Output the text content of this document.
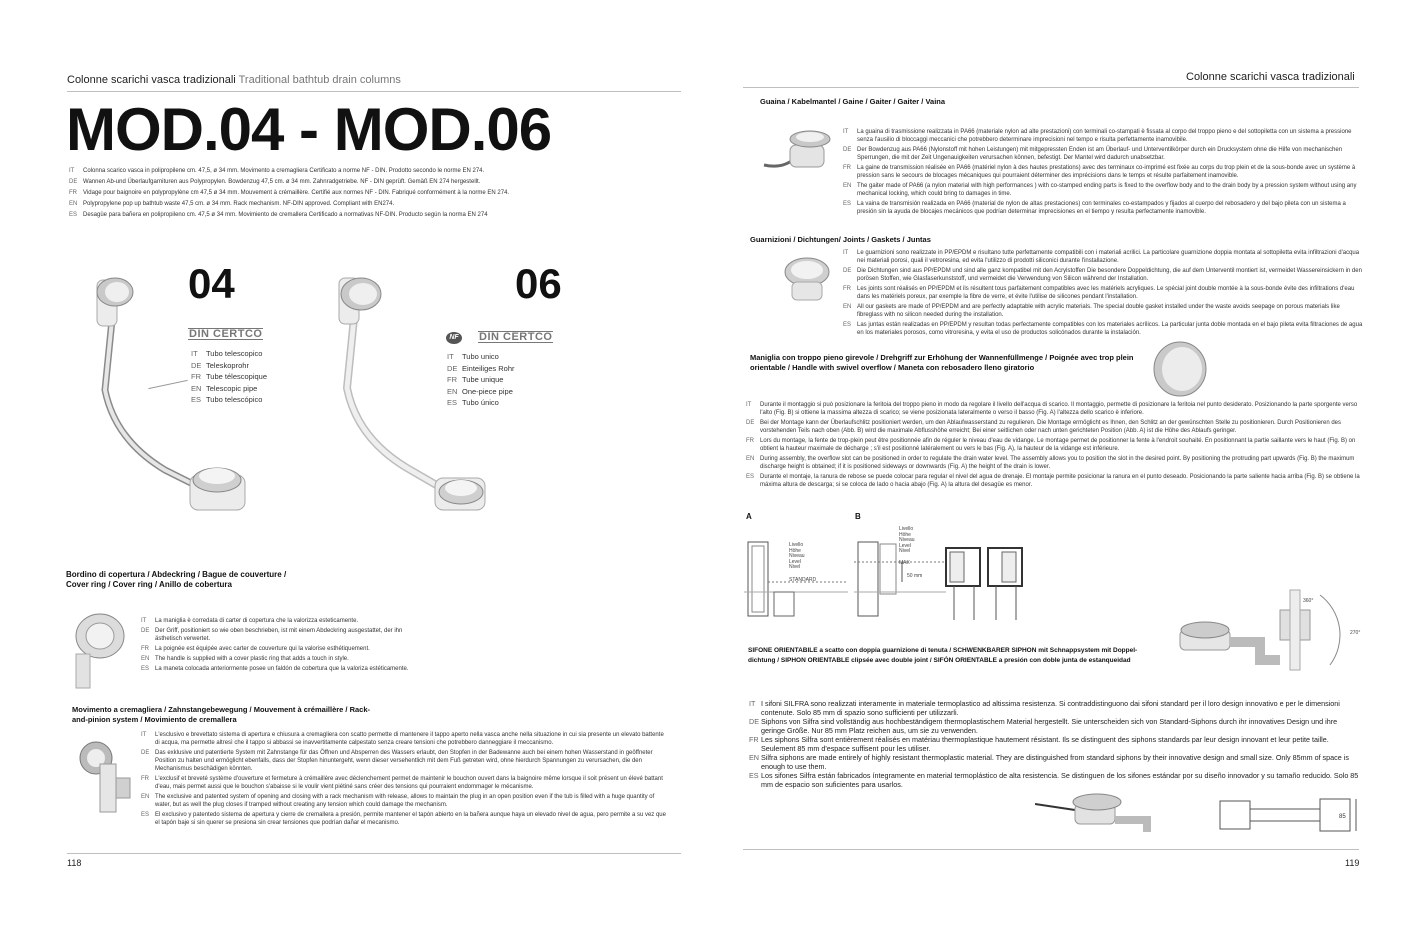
Colonne scarichi vasca tradizionali Traditional bathtub drain columns
MOD.04 - MOD.06
IT Colonna scarico vasca in polipropilene cm. 47,5, ø 34 mm. Movimento a cremagliera Certificato a norme NF - DIN. Prodotto secondo le norme EN 274.
DE Wannen Ab-und Überlaufgarnituren aus Polypropylen. Bowdenzug 47,5 cm. ø 34 mm. Zahnradgetriebe. NF - DIN geprüft. Gemäß EN 274 hergestellt.
FR Vidage pour baignoire en polypropylène cm 47,5 ø 34 mm. Mouvement à crémaillère. Certifié aux normes NF - DIN. Fabriqué conformément à la norme EN 274.
EN Polypropylene pop up bathtub waste 47,5 cm. ø 34 mm. Rack mechanism. NF-DIN approved. Compliant with EN274.
ES Desagüe para bañera en polipropileno cm. 47,5 ø 34 mm. Movimiento de cremallera Certificado a normativas NF-DIN. Producto según la norma EN 274
04
DIN CERTCO
IT Tubo telescopico
DE Teleskoprohr
FR Tube télescopique
EN Telescopic pipe
ES Tubo telescópico
06
NF	DIN CERTCO
IT Tubo unico
DE Einteiliges Rohr
FR Tube unique
EN One-piece pipe
ES Tubo único
Bordino di copertura / Abdeckring / Bague de couverture /
Cover ring / Cover ring / Anillo de cobertura
IT	La maniglia è corredata di carter di copertura che la valorizza esteticamente.
DE Der Griff, positioniert so wie oben beschrieben, ist mit einem Abdeckring ausgestattet, der ihn ästhetisch verwertet.
FR	La poignée est équipée avec carter de couverture qui la valorise esthétiquement.
EN The handle is supplied with a cover plastic ring that adds a touch in style.
ES La maneta colocada anteriormente posee un faldón de cobertura que la valoriza estéticamente.
Movimento a cremagliera / Zahnstangebewegung / Mouvement à crémaillère / Rack-
and-pinion system / Movimiento de cremallera
IT	L'esclusivo e brevettato sistema di apertura e chiusura a cremagliera con scatto permette di mantenere il tappo aperto nella vasca anche nella situazione in cui sia presente un elevato battente di acqua, ma permette altresì che il tappo si abbassi se inavvertitamente calpestato senza creare tensioni che potrebbero danneggiare il meccanismo.
DE Das exklusive und patentierte System mit Zahnstange für das Öffnen und Absperren des Wassers erlaubt, den Stopfen in der Badewanne auch bei einem hohen Wasserstand in geöffneter Position zu halten und ermöglicht ebenfalls, dass der Stopfen hinuntergeht, wenn dieser versehentlich mit dem Fuß getreten wird, ohne hierdurch Spannungen zu verursachen, die den Mechanismus beschädigen könnten.
FR	L'exclusif et breveté système d'ouverture et fermeture à crémaillère avec déclenchement permet de maintenir le bouchon ouvert dans la baignoire même lorsque il soit présent un élevé battant d'eau, mais permet aussi que le bouchon s'abaisse si le voulir vient piétiné sans créer des tensions qui pourraient endommager le mécanisme.
EN The exclusive and patented system of opening and closing with a rack mechanism with release, allows to maintain the plug in an open position even if the tub is filled with a huge quantity of water, but as well the plug closes if tramped without creating any tension which could damage the mechanism.
ES El exclusivo y patentedo sistema de apertura y cierre de cremallera a presión, permite mantener el tapón abierto en la bañera aunque haya un elevado nivel de agua, pero permite a su vez que el tapón baje si sin querer se presiona sin crear tensiones que podrían dañar el mecanismo.
118
Colonne scarichi vasca tradizionali
Guaina / Kabelmantel / Gaine / Gaiter / Gaiter / Vaina
IT	La guaina di trasmissione realizzata in PA66 (materiale nylon ad alte prestazioni) con terminali co-stampati è fissata al corpo del troppo pieno e del sottopiletta con un sistema a pressione senza l'ausilio di bloccaggi meccanici che potrebbero determinare imprecisioni nel tempo e risulta perfettamente inamovibile.
DE Der Bowdenzug aus PA66 (Nylonstoff mit hohen Leistungen) mit mitgepressten Enden ist am Überlauf- und Unterventilkörper durch ein Drucksystem ohne die Hilfe von mechanischen Sperrungen, die mit der Zeit Ungenauigkeiten verursachen können, befestigt. Der Mantel wird dadurch unabsetzbar.
FR	La gaine de transmission réalisée en PA66 (matériel nylon à des hautes prestations) avec des terminaux co-imprimé est fixée au corps du trop plein et de la sous-bonde avec un système à pression sans le secours de blocages mécaniques qui pourraient déterminer des imprécisions dans le temps et résulte parfaitement inamovible.
EN The gaiter made of PA66 (a nylon material with high performances ) with co-stamped ending parts is fixed to the overflow body and to the drain body by a pression system without using any mechanical locking, which could bring to damages in time.
ES La vaina de transmisión realizada en PA66 (material de nylon de altas prestaciones) con terminales co-estampados y fijados al cuerpo del rebosadero y del bajo pileta con un sistema a presión sin la ayuda de blocajes mecánicos que podrían determinar imprecisiones en el tiempo y resulta perfectamente inamovible.
Guarnizioni / Dichtungen/ Joints / Gaskets / Juntas
IT	Le guarnizioni sono realizzate in PP/EPDM e risultano tutte perfettamente compatibili con i materiali acrilici. La particolare guarnizione doppia montata al sottopiletta evita infiltrazioni d'acqua nei materiali porosi, quali il vetroresina, ed evita l'utilizzo di prodotti siliconici durante l'installazione.
DE Die Dichtungen sind aus PP/EPDM und sind alle ganz kompatibel mit den Acrylstoffen Die besondere Doppeldichtung, die auf dem Unterventil montiert ist, vermeidet Wassereinsickern in den porösen Stoffen, wie Glasfaserkunststoff, und vermeidet die Verwendung von Silicon während der Installation.
FR	Les joints sont réalisés en PP/EPDM et ils résultent tous parfaitement compatibles avec les matériels acryliques. Le spécial joint double montée à la sous-bonde évite des infiltrations d'eau dans les matériels poreux, par exemple la fibre de verre, et évite l'utilise de silicones pendant l'installation.
EN All our gaskets are made of PP/EPDM and are perfectly adaptable with acrylic materials. The special double gasket installed under the waste avoids seepage on porous materials like fibreglass with no silicon needed during the installation.
ES Las juntas están realizadas en PP/EPDM y resultan todas perfectamente compatibles con los materiales acrílicos. La particular junta doble montada en el bajo pileta evita filtraciones de agua en los materiales porosos, como vitroresina, y evita el uso de productos solicónados durante la instalación.
Maniglia con troppo pieno girevole / Drehgriff zur Erhöhung der Wannenfüllmenge / Poignée avec trop plein
orientable / Handle with swivel overflow / Maneta con rebosadero lleno giratorio
IT	Durante il montaggio si può posizionare la feritoia del troppo pieno in modo da regolare il livello dell'acqua di scarico. Il montaggio, permette di posizionare la feritoia nel punto desiderato. Posizionando la parte sporgente verso l'alto (Fig. B) si ottiene la massima altezza di scarico; se viene posizionata lateralmente o verso il basso (Fig. A) l'altezza dello scarico è inferiore.
DE Bei der Montage kann der Überlaufschlitz positioniert werden, um den Ablaufwasserstand zu regulieren. Die Montage ermöglicht es Ihnen, den Schlitz an der gewünschten Stelle zu positionieren. Durch Positionieren des vorstehenden Teils nach oben (Abb. B) wird die maximale Abflusshöhe erreicht; Bei einer seitlichen oder nach unten gerichteten Position (Abb. A) ist die Höhe des Ablaufs geringer.
FR	Lors du montage, la fente de trop-plein peut être positionnée afin de réguler le niveau d'eau de vidange. Le montage permet de positionner la fente à l'endroit souhaité. En positionnant la partie saillante vers le haut (Fig. B) on obtient la hauteur maximale de décharge ; s'il est positionné latéralement ou vers le bas (Fig. A), la hauteur de la vidange est inférieure.
EN During assembly, the overflow slot can be positioned in order to regulate the drain water level. The assembly allows you to position the slot in the desired point. By positioning the protruding part upwards (Fig. B) the maximum discharge height is obtained; if it is positioned sideways or downwards (Fig. A) the height of the drain is lower.
ES Durante el montaje, la ranura de rebose se puede colocar para regular el nivel del agua de drenaje. El montaje permite posicionar la ranura en el punto deseado. Posicionando la parte saliente hacia arriba (Fig. B) se obtiene la máxima altura de descarga; si se coloca de lado o hacia abajo (Fig. A) la altura del desagüe es menor.
A	B
Livello
Höhe
Niveau
Level
Nivel
STANDARD
Livello
Höhe
Niveau
Level
Nivel
MAX
50 mm
360°
270°
SIFONE ORIENTABILE a scatto con doppia guarnizione di tenuta / SCHWENKBARER SIPHON mit Schnappsystem mit Doppel-
dichtung / SIPHON ORIENTABLE clipsée avec double joint / SIFÓN ORIENTABLE a presión con doble junta de estanqueidad
IT I sifoni SILFRA sono realizzati interamente in materiale termoplastico ad altissima resistenza. Si contraddistinguono dai sifoni standard per il loro design innovativo e per le dimensioni contenute. Solo 85 mm di spazio sono sufficienti per utilizzarli.
DE Siphons von Silfra sind vollständig aus hochbeständigem thermoplastischem Material hergestellt. Sie unterscheiden sich von Standard-Siphons durch ihr innovatives Design und ihre geringe Größe. Nur 85 mm Platz reichen aus, um sie zu verwenden.
FR Les siphons Silfra sont entièrement réalisés en matériau thermoplastique hautement résistant. Ils se distinguent des siphons standards par leur design innovant et leur petite taille. Seulement 85 mm d'espace suffisent pour les utiliser.
EN Silfra siphons are made entirely of highly resistant thermoplastic material. They are distinguished from standard siphons by their innovative design and small size. Only 85mm of space is enough to use them.
ES Los sifones Silfra están fabricados íntegramente en material termoplástico de alta resistencia. Se distinguen de los sifones estándar por su diseño innovador y su tamaño reducido. Solo 85 mm de espacio son suficientes para usarlos.
85
119
